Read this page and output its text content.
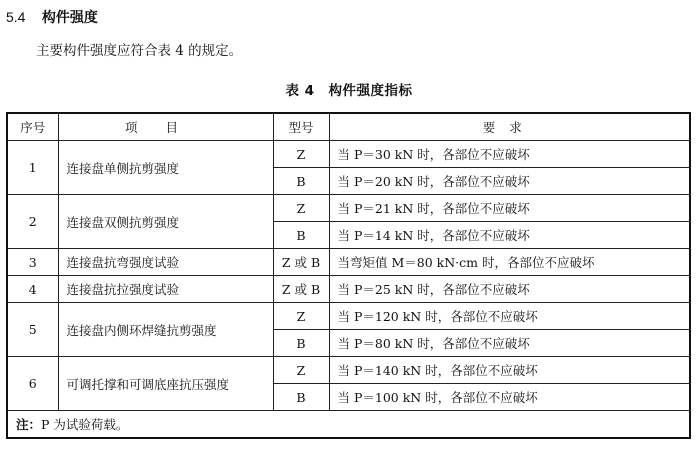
5.4 构件强度
主要构件强度应符合表 4 的规定。
表 4 构件强度指标
序号	项目	型号	要求
1	连接盘单侧抗剪强度	Z	当 P＝30 kN 时，各部位不应破坏
		B	当 P＝20 kN 时，各部位不应破坏
2	连接盘双侧抗剪强度	Z	当 P＝21 kN 时，各部位不应破坏
		B	当 P＝14 kN 时，各部位不应破坏
3	连接盘抗弯强度试验	Z 或 B	当弯矩值 M＝80 kN·cm 时，各部位不应破坏
4	连接盘抗拉强度试验	Z 或 B	当 P＝25 kN 时，各部位不应破坏
5	连接盘内侧环焊缝抗剪强度	Z	当 P＝120 kN 时，各部位不应破坏
		B	当 P＝80 kN 时，各部位不应破坏
6	可调托撑和可调底座抗压强度	Z	当 P＝140 kN 时，各部位不应破坏
		B	当 P＝100 kN 时，各部位不应破坏
注：P 为试验荷载。			
